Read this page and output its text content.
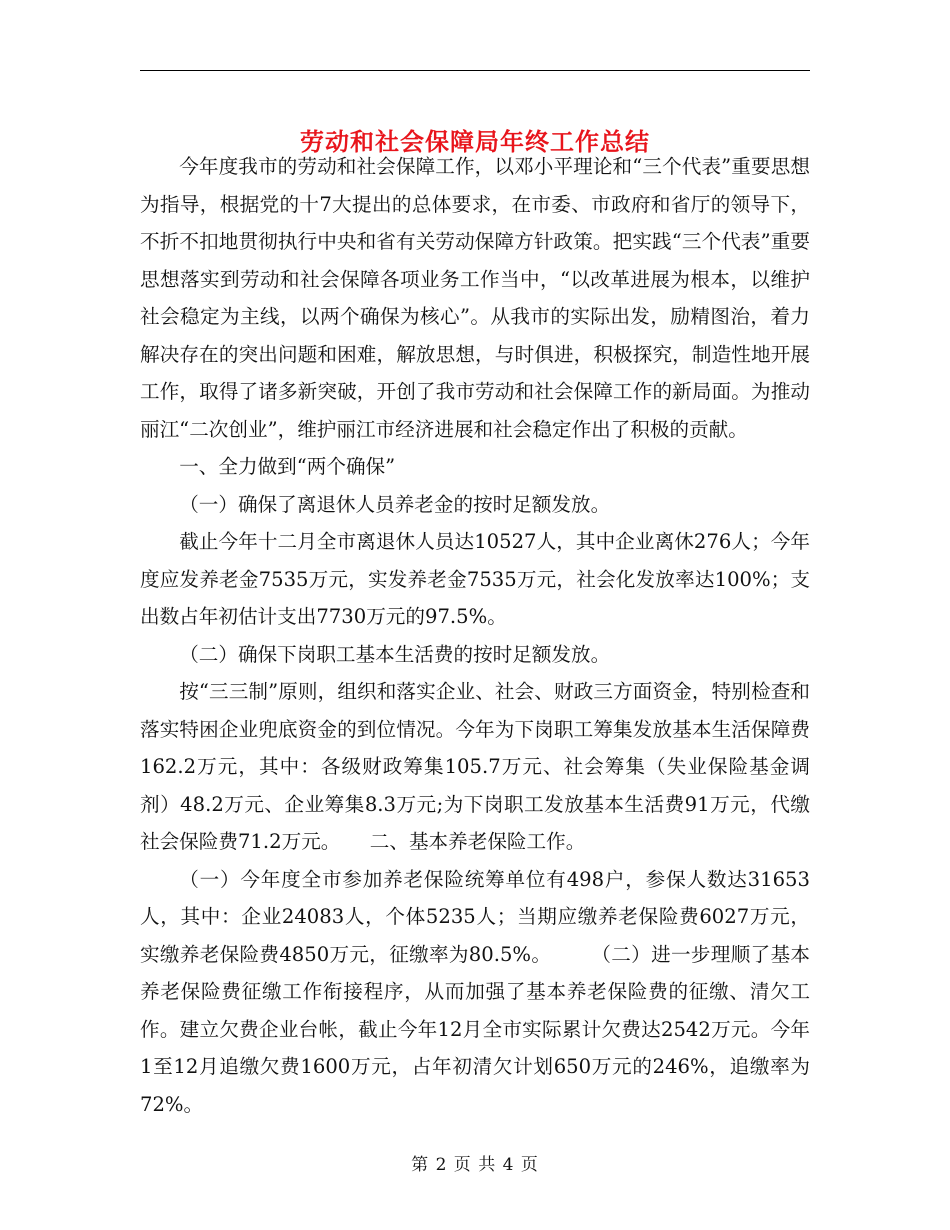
劳动和社会保障局年终工作总结

今年度我市的劳动和社会保障工作，以邓小平理论和“三个代表”重要思想为指导，根据党的十7大提出的总体要求，在市委、市政府和省厅的领导下，不折不扣地贯彻执行中央和省有关劳动保障方针政策。把实践“三个代表”重要思想落实到劳动和社会保障各项业务工作当中，“以改革进展为根本，以维护社会稳定为主线，以两个确保为核心”。从我市的实际出发，励精图治，着力解决存在的突出问题和困难，解放思想，与时俱进，积极探究，制造性地开展工作，取得了诸多新突破，开创了我市劳动和社会保障工作的新局面。为推动丽江“二次创业”，维护丽江市经济进展和社会稳定作出了积极的贡献。

一、全力做到“两个确保”

（一）确保了离退休人员养老金的按时足额发放。

截止今年十二月全市离退休人员达10527人，其中企业离休276人；今年度应发养老金7535万元，实发养老金7535万元，社会化发放率达100%；支出数占年初估计支出7730万元的97.5%。

（二）确保下岗职工基本生活费的按时足额发放。

按“三三制”原则，组织和落实企业、社会、财政三方面资金，特别检查和落实特困企业兜底资金的到位情况。今年为下岗职工筹集发放基本生活保障费162.2万元，其中：各级财政筹集105.7万元、社会筹集（失业保险基金调剂）48.2万元、企业筹集8.3万元;为下岗职工发放基本生活费91万元，代缴社会保险费71.2万元。　　二、基本养老保险工作。

（一）今年度全市参加养老保险统筹单位有498户，参保人数达31653人，其中：企业24083人，个体5235人；当期应缴养老保险费6027万元，实缴养老保险费4850万元，征缴率为80.5%。　　　（二）进一步理顺了基本养老保险费征缴工作衔接程序，从而加强了基本养老保险费的征缴、清欠工作。建立欠费企业台帐，截止今年12月全市实际累计欠费达2542万元。今年1至12月追缴欠费1600万元，占年初清欠计划650万元的246%，追缴率为72%。

第 2 页 共 4 页
